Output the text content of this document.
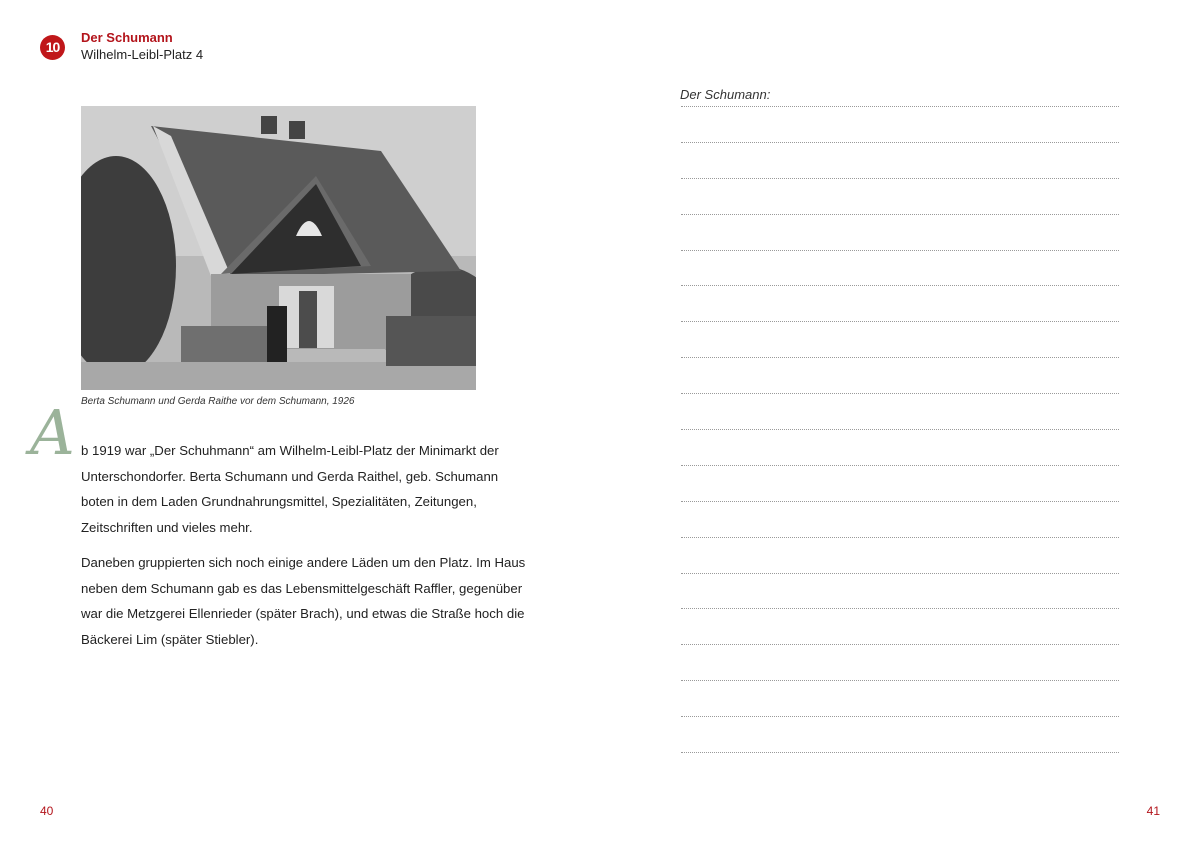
10
Der Schumann
Wilhelm-Leibl-Platz 4
Berta Schumann und Gerda Raithe vor dem Schumann, 1926
A b 1919 war „Der Schuhmann“ am Wilhelm-Leibl-Platz der Minimarkt der Unterschondorfer. Berta Schumann und Gerda Raithel, geb. Schumann boten in dem Laden Grundnahrungsmittel, Spezialitäten, Zeitungen, Zeitschriften und vieles mehr.

Daneben gruppierten sich noch einige andere Läden um den Platz. Im Haus neben dem Schumann gab es das Lebensmittelgeschäft Raffler, gegenüber war die Metzgerei Ellenrieder (später Brach), und etwas die Straße hoch die Bäckerei Lim (später Stiebler).

40
Der Schumann:
41
